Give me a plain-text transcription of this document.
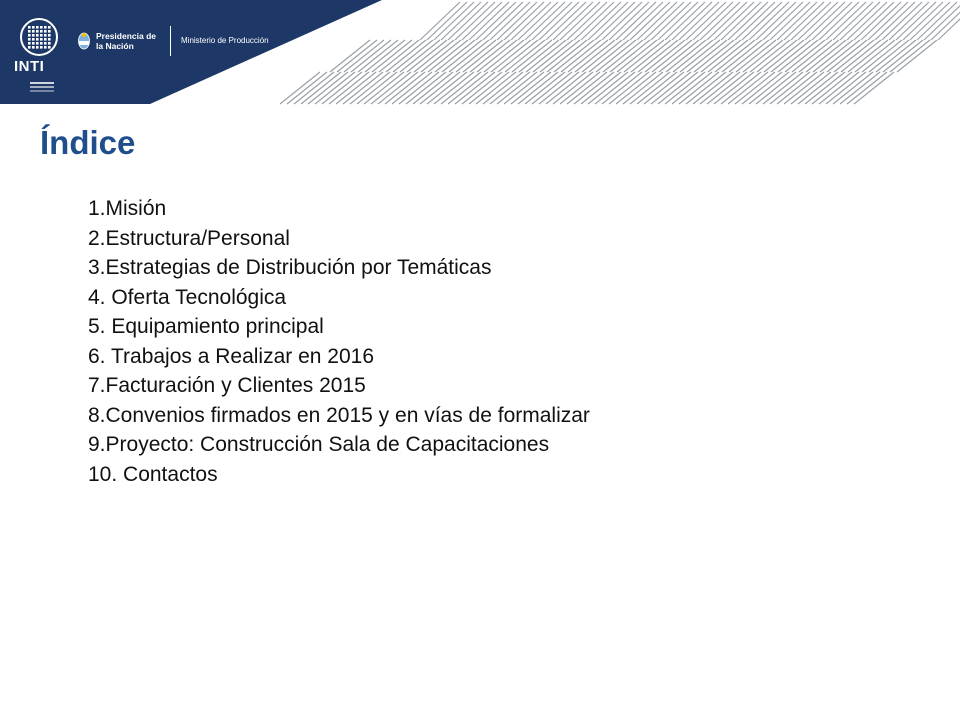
INTI
Presidencia de la Nación
Ministerio de Producción
Índice
1.Misión
2.Estructura/Personal
3.Estrategias de Distribución por Temáticas
4. Oferta Tecnológica
5. Equipamiento principal
6. Trabajos a Realizar en 2016
7.Facturación y Clientes 2015
8.Convenios firmados en 2015 y en vías de formalizar
9.Proyecto: Construcción Sala de Capacitaciones
10. Contactos
